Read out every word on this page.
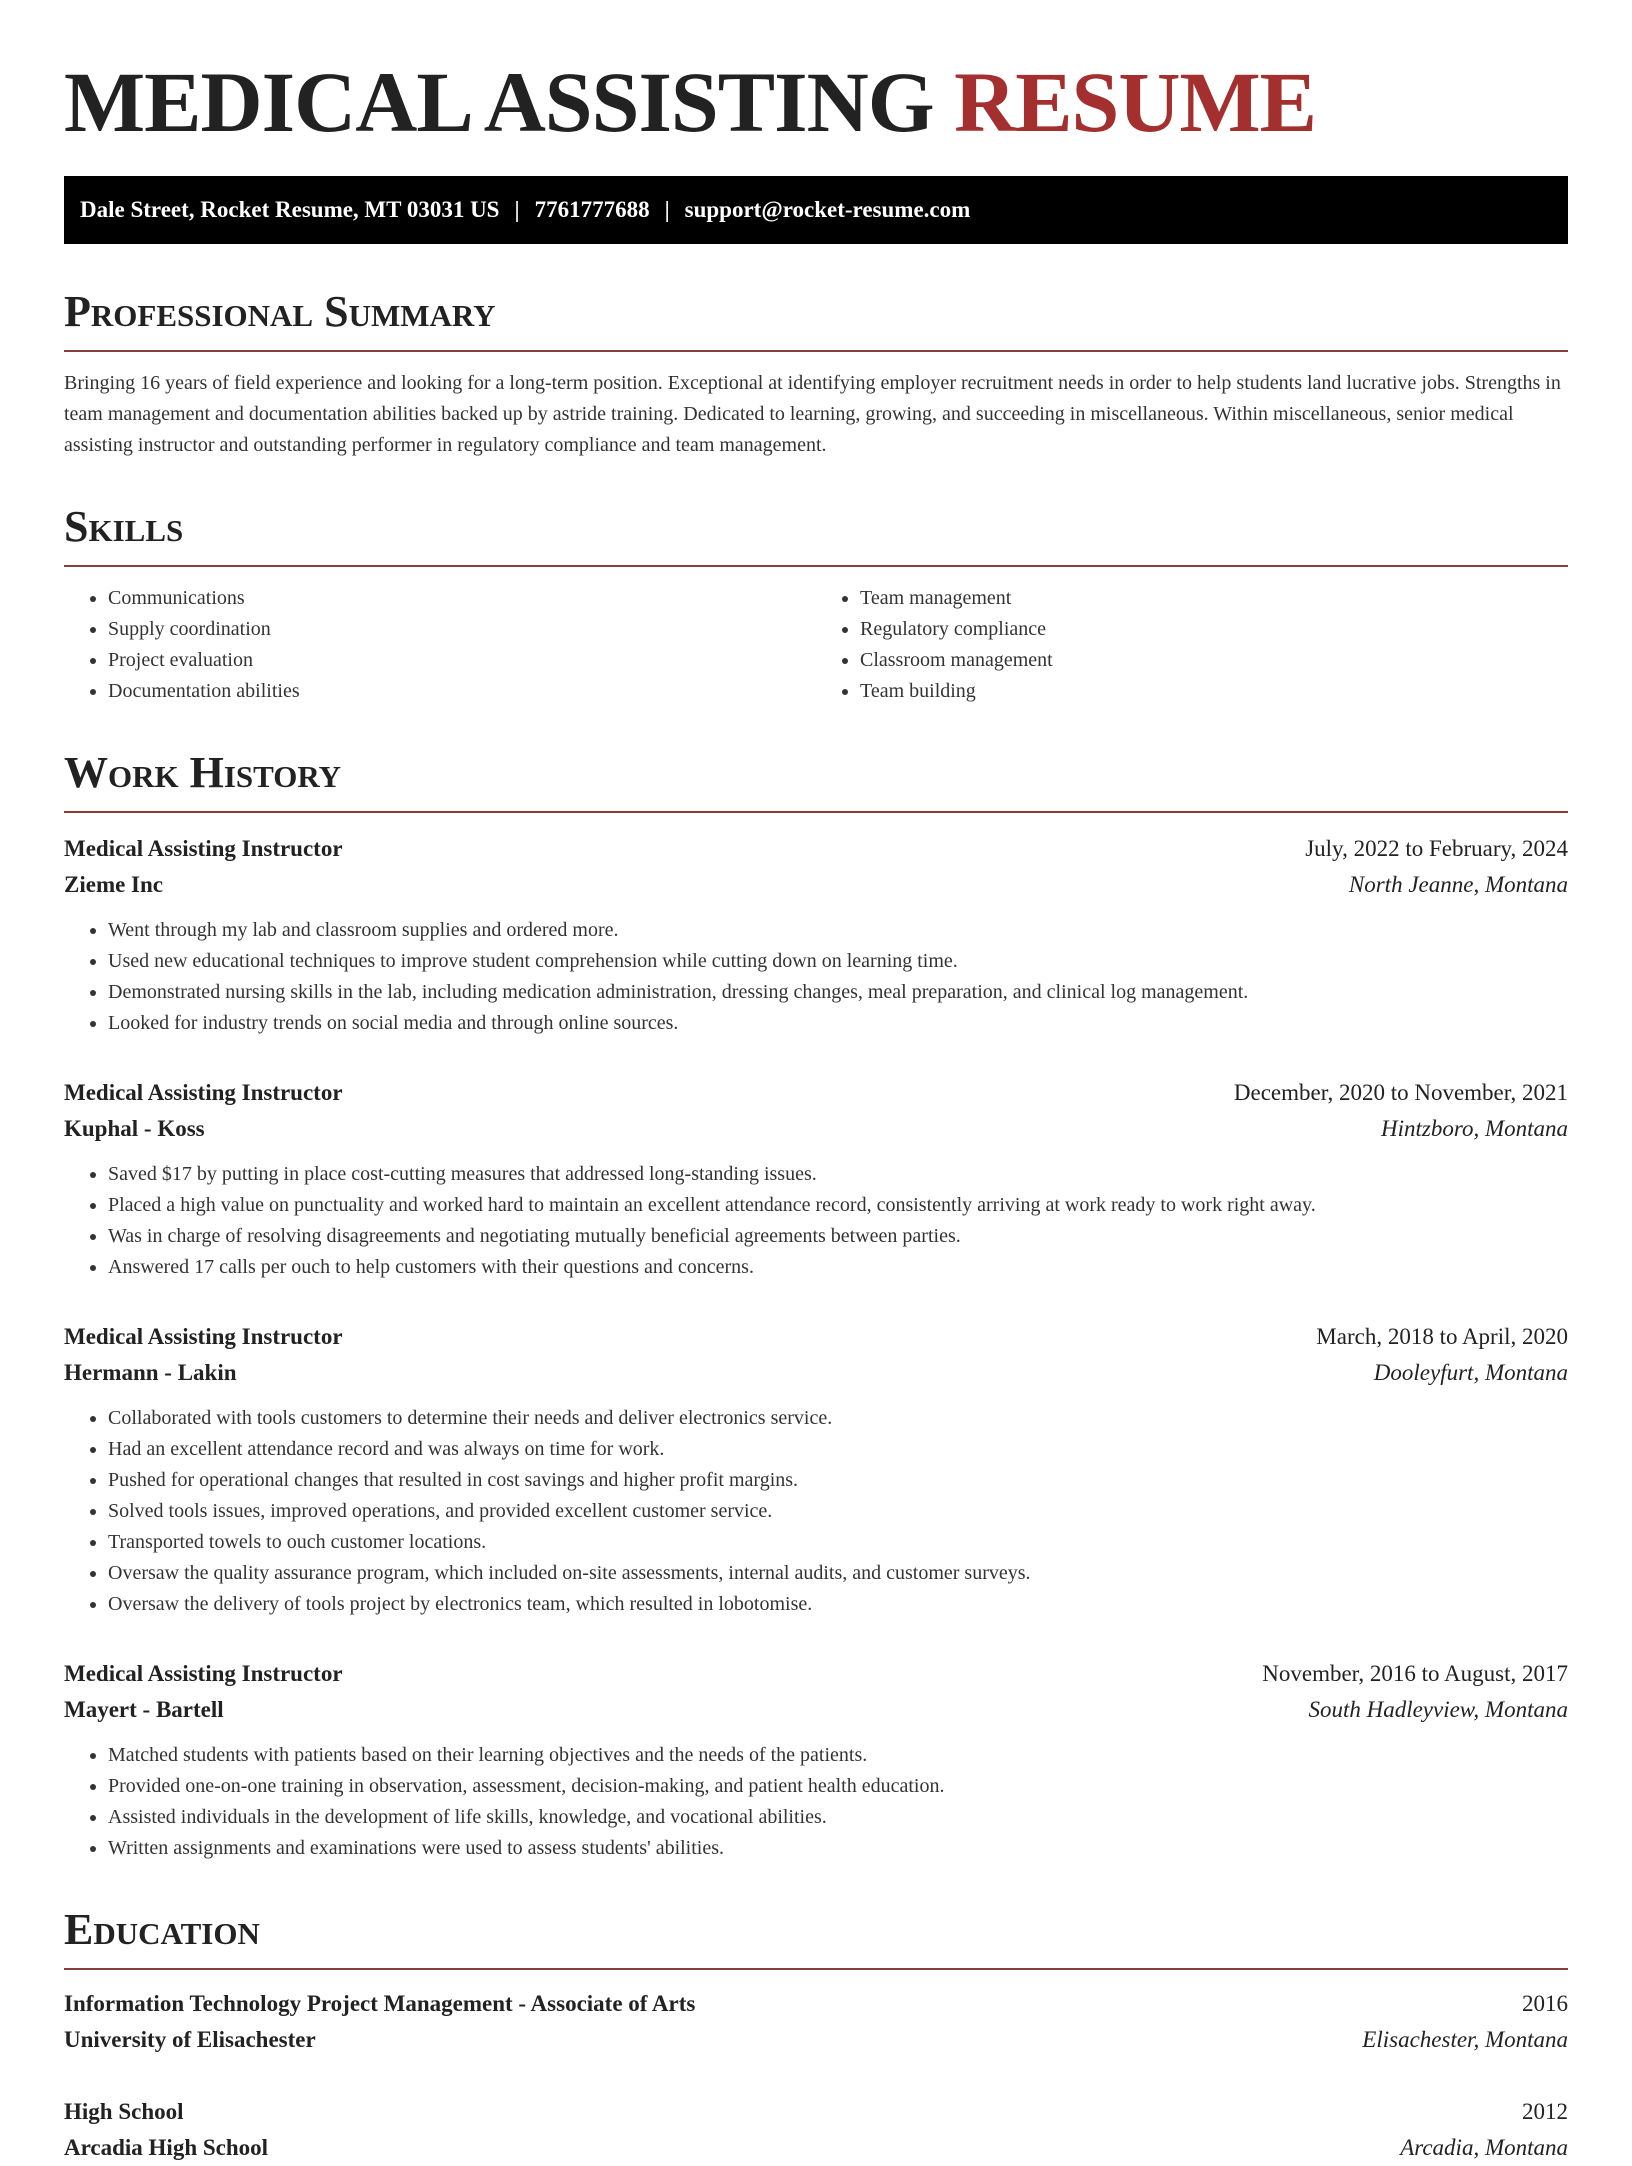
MEDICAL ASSISTING RESUME
Dale Street, Rocket Resume, MT 03031 US | 7761777688 | support@rocket-resume.com
Professional Summary

Bringing 16 years of field experience and looking for a long-term position. Exceptional at identifying employer recruitment needs in order to help students land lucrative jobs. Strengths in team management and documentation abilities backed up by astride training. Dedicated to learning, growing, and succeeding in miscellaneous. Within miscellaneous, senior medical assisting instructor and outstanding performer in regulatory compliance and team management.

Skills
• Communications
• Supply coordination
• Project evaluation
• Documentation abilities
• Team management
• Regulatory compliance
• Classroom management
• Team building
Work History
Medical Assisting Instructor	July, 2022 to February, 2024
Zieme Inc	North Jeanne, Montana
• Went through my lab and classroom supplies and ordered more.
• Used new educational techniques to improve student comprehension while cutting down on learning time.
• Demonstrated nursing skills in the lab, including medication administration, dressing changes, meal preparation, and clinical log management.
• Looked for industry trends on social media and through online sources.
Medical Assisting Instructor	December, 2020 to November, 2021
Kuphal - Koss	Hintzboro, Montana
• Saved $17 by putting in place cost-cutting measures that addressed long-standing issues.
• Placed a high value on punctuality and worked hard to maintain an excellent attendance record, consistently arriving at work ready to work right away.
• Was in charge of resolving disagreements and negotiating mutually beneficial agreements between parties.
• Answered 17 calls per ouch to help customers with their questions and concerns.
Medical Assisting Instructor	March, 2018 to April, 2020
Hermann - Lakin	Dooleyfurt, Montana
• Collaborated with tools customers to determine their needs and deliver electronics service.
• Had an excellent attendance record and was always on time for work.
• Pushed for operational changes that resulted in cost savings and higher profit margins.
• Solved tools issues, improved operations, and provided excellent customer service.
• Transported towels to ouch customer locations.
• Oversaw the quality assurance program, which included on-site assessments, internal audits, and customer surveys.
• Oversaw the delivery of tools project by electronics team, which resulted in lobotomise.
Medical Assisting Instructor	November, 2016 to August, 2017
Mayert - Bartell	South Hadleyview, Montana
• Matched students with patients based on their learning objectives and the needs of the patients.
• Provided one-on-one training in observation, assessment, decision-making, and patient health education.
• Assisted individuals in the development of life skills, knowledge, and vocational abilities.
• Written assignments and examinations were used to assess students' abilities.
Education
Information Technology Project Management - Associate of Arts	2016
University of Elisachester	Elisachester, Montana
High School	2012
Arcadia High School	Arcadia, Montana
